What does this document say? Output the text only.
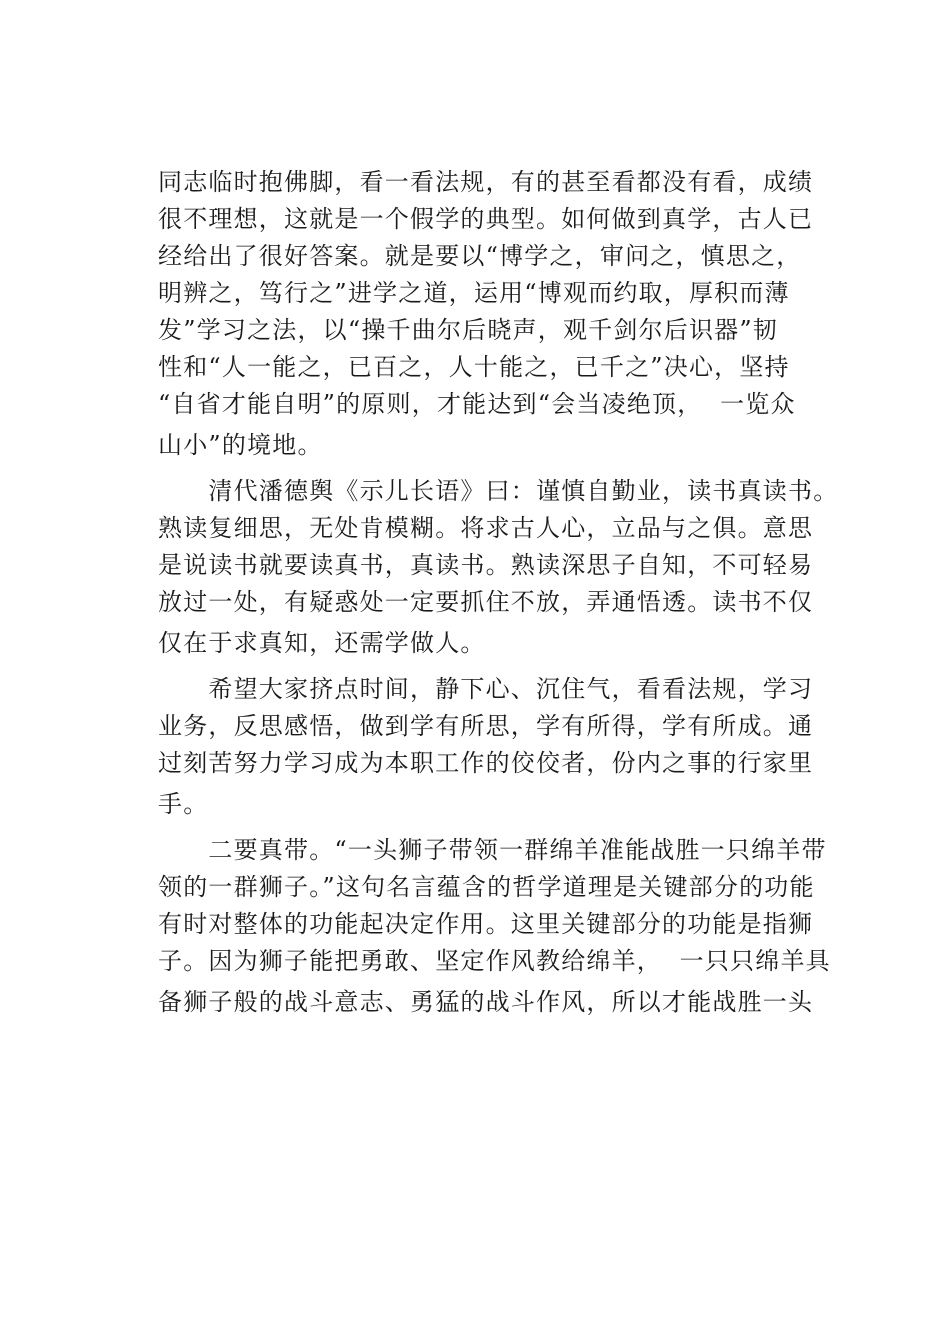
同志临时抱佛脚，看一看法规，有的甚至看都没有看，成绩
很不理想，这就是一个假学的典型。如何做到真学，古人已
经给出了很好答案。就是要以“博学之，审问之，慎思之，
明辨之，笃行之”进学之道，运用“博观而约取，厚积而薄
发”学习之法，以“操千曲尔后晓声，观千剑尔后识器”韧
性和“人一能之，已百之，人十能之，已千之”决心，坚持
“自省才能自明”的原则，才能达到“会当凌绝顶，  一览众
山小”的境地。
　　清代潘德舆《示儿长语》曰：谨慎自勤业，读书真读书。
熟读复细思，无处肯模糊。将求古人心，立品与之俱。意思
是说读书就要读真书，真读书。熟读深思子自知，不可轻易
放过一处，有疑惑处一定要抓住不放，弄通悟透。读书不仅
仅在于求真知，还需学做人。
　　希望大家挤点时间，静下心、沉住气，看看法规，学习
业务，反思感悟，做到学有所思，学有所得，学有所成。通
过刻苦努力学习成为本职工作的佼佼者，份内之事的行家里
手。
　　二要真带。“一头狮子带领一群绵羊准能战胜一只绵羊带
领的一群狮子。”这句名言蕴含的哲学道理是关键部分的功能
有时对整体的功能起决定作用。这里关键部分的功能是指狮
子。因为狮子能把勇敢、坚定作风教给绵羊，  一只只绵羊具
备狮子般的战斗意志、勇猛的战斗作风，所以才能战胜一头
